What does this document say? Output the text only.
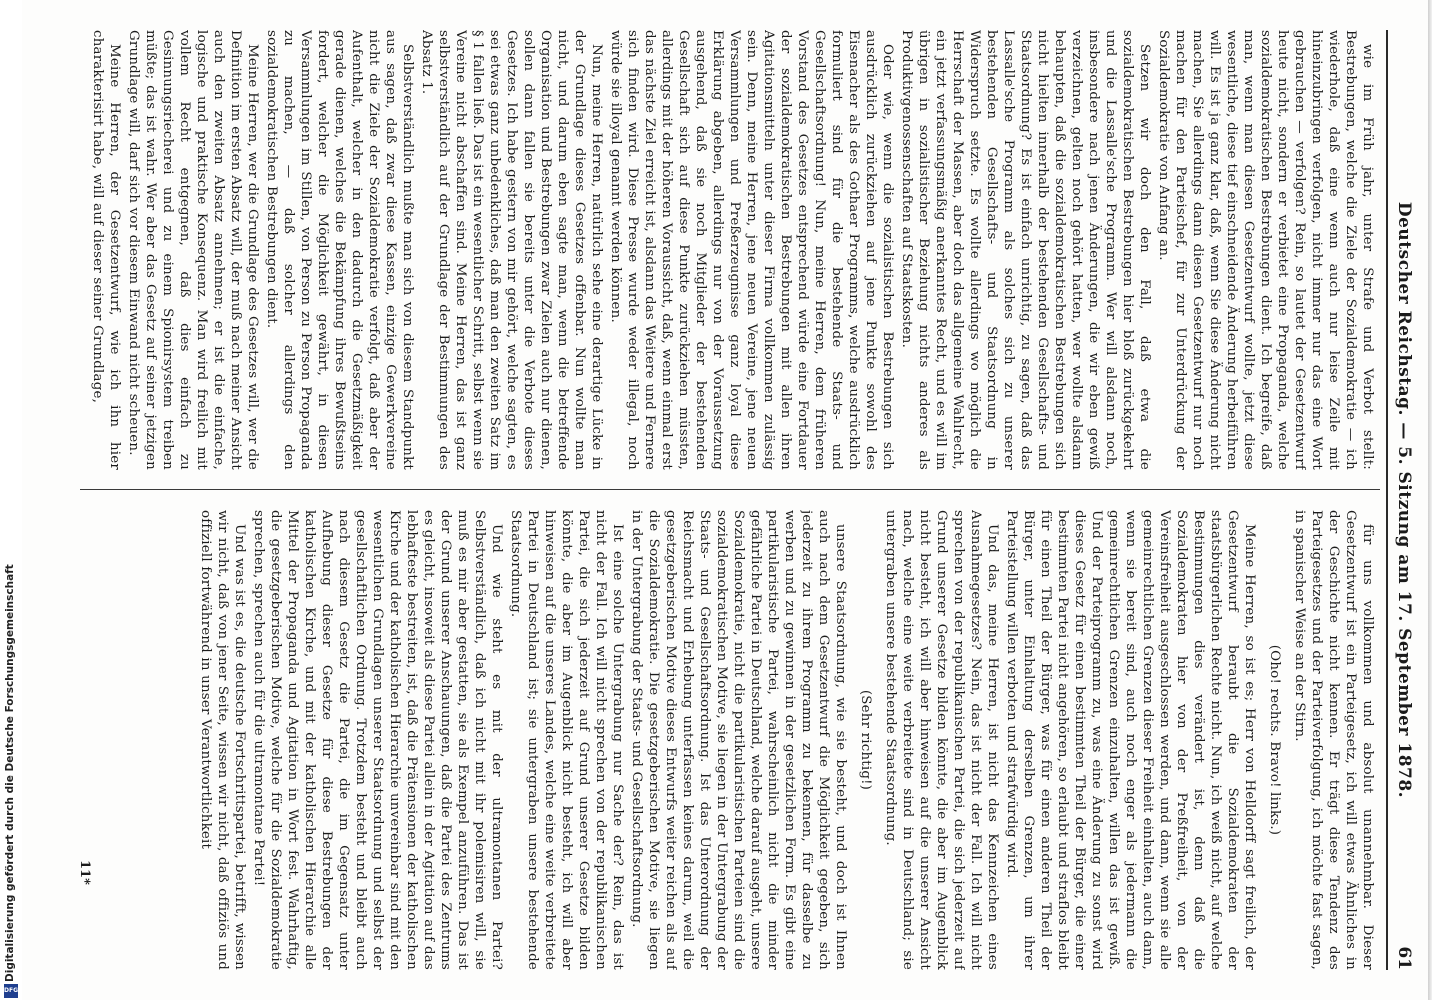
Digitalisierung gefördert durch die Deutsche Forschungsgemeinschaft
DFG
Deutscher Reichstag. — 5. Sitzung am 17. September 1878.
61

wie im Früh jahr, unter Strafe und Verbot stellt: Bestrebungen, welche die Ziele der Sozialdemokratie — ich wiederhole, daß eine wenn auch nur leise Zeile mit hineinzubringen verfolgen, nicht immer nur das eine Wort gebrauchen — verfolgen? Rein, so lautet der Gesetzentwurf heute nicht, sondern er verbietet eine Propaganda, welche sozialdemokratischen Bestrebungen dient. Ich begreife, daß man, wenn man diesen Gesetzentwurf wollte, jetzt diese wesentliche, diese tief einschneidende Änderung herbeiführen will. Es ist ja ganz klar, daß, wenn Sie diese Änderung nicht machen, Sie allerdings dann diesen Gesetzentwurf nur noch machen für den Parteischef, für zur Unterdrückung der Sozialdemokratie von Anfang an.

Setzen wir doch den Fall, daß etwa die sozialdemokratischen Bestrebungen hier bloß zurückgekehrt und die Lassalle'sche Programm. Wer will alsdann noch, insbesondere nach jenen Änderungen, die wir eben gewiß verzeichnen, gelten noch gehört hatten, wer wollte alsdann behaupten, daß die sozialdemokratischen Bestrebungen sich nicht hielten innerhalb der bestehenden Gesellschafts- und Staatsordnung? Es ist einfach unrichtig, zu sagen, daß das Lassalle'sche Programm als solches sich zu unserer bestehenden Gesellschafts- und Staatsordnung in Widerspruch setzte. Es wollte allerdings wo möglich die Herrschaft der Massen, aber doch das allgemeine Wahlrecht, ein jetzt verfassungsmäßig anerkanntes Recht, und es will im übrigen in sozialistischer Beziehung nichts anderes als Produktivgenossenschaften auf Staatskosten.

Oder wie, wenn die sozialistischen Bestrebungen sich ausdrücklich zurückziehen auf jene Punkte sowohl des Eisenacher als des Gothaer Programms, welche ausdrücklich formuliert sind für die bestehende Staats- und Gesellschaftsordnung! Nun, meine Herren, dem früheren Vorstand des Gesetzes entsprechend würde eine Fortdauer der sozialdemokratischen Bestrebungen mit allen ihren Agitationsmitteln unter dieser Firma vollkommen zulässig sein. Denn, meine Herren, jene neuen Vereine, jene neuen Versammlungen und Preßerzeugnisse ganz loyal diese Erklärung abgeben, allerdings nur von der Voraussetzung ausgehend, daß sie noch Mitglieder der bestehenden Gesellschaft sich auf diese Punkte zurückziehen müssten, allerdings mit der höheren Voraussicht, daß, wenn einmal erst das nächste Ziel erreicht ist, alsdann das Weitere und Fernere sich finden wird. Diese Presse wurde weder illegal, noch würde sie illoyal genannt werden können.

Nun, meine Herren, natürlich sehe eine derartige Lücke in der Grundlage dieses Gesetzes offenbar. Nun wollte man nicht, und darum eben sagte man, wenn die betreffende Organisation und Bestrebungen zwar Zielen auch nur dienen, sollen dann fallen sie bereits unter die Verbote dieses Gesetzes. Ich habe gestern von mir gehört, welche sagten, es sei etwas ganz unbedenkliches, daß man den zweiten Satz im § 1 fallen ließ. Das ist ein wesentlicher Schritt, selbst wenn sie Vereine nicht abschaffen sind. Meine Herren, das ist ganz selbstverständlich auf der Grundlage der Bestimmungen des Absatz 1.

Selbstverständlich mußte man sich von diesem Standpunkt aus sagen, daß zwar diese Kassen, einzige Gewerkvereine nicht die Ziele der Sozialdemokratie verfolgt, daß aber der Aufenthalt, welcher in den dadurch die Gesetzmäßigkeit gerade dienen, welches die Bekämpfung ihres Bewußtseins fordert, welcher die Möglichkeit gewährt, in diesen Versammlungen im Stillen, von Person zu Person Propaganda zu machen, — daß solcher allerdings den sozialdemokratischen Bestrebungen dient.

Meine Herren, wer die Grundlage des Gesetzes will, wer die Definition im ersten Absatz will, der muß nach meiner Ansicht auch den zweiten Absatz annehmen; er ist die einfache, logische und praktische Konsequenz. Man wird freilich mit vollem Recht entgegnen, daß dies einfach zu Gesinnungsriecherei und zu einem Spionirsystem treiben müßte; das ist wahr. Wer aber das Gesetz auf seiner jetzigen Grundlage will, darf sich vor diesem Einwand nicht scheuen.

Meine Herren, der Gesetzentwurf, wie ich ihn hier charakterisirt habe, will auf dieser seiner Grundlage,

für uns vollkommen und absolut unannehmbar. Dieser Gesetzentwurf ist ein Parteigesetz, ich will etwas Ähnliches in der Geschichte nicht kennen. Er trägt diese Tendenz des Parteigesetzes und der Parteiverfolgung, ich möchte fast sagen, in spanischer Weise an der Stirn.

(Oho! rechts. Bravo! links.)

Meine Herren, so ist es; Herr von Helldorff sagt freilich, der Gesetzentwurf beraubt die Sozialdemokraten der staatsbürgerlichen Rechte nicht. Nun, ich weiß nicht, auf welche Bestimmungen dies verändert ist, denn daß die Sozialdemokraten hier von der Preßfreiheit, von der Vereinsfreiheit ausgeschlossen werden, und dann, wenn sie alle gemeinrechtlichen Grenzen dieser Freiheit einhalten, auch dann, wenn sie bereit sind, auch noch enger als jedermann die gemeinrechtlichen Grenzen einzuhalten, willen das ist gewiß. Und der Parteiprogramm zu, was eine Änderung zu sonst wird dieses Gesetz für einen bestimmten Theil der Bürger, die einer bestimmten Partei nicht angehören, so erlaubt und straflos bleibt für einen Theil der Bürger, was für einen anderen Theil der Bürger, unter Einhaltung derselben Grenzen, um ihrer Parteistellung willen verboten und strafwürdig wird.

Und das, meine Herren, ist nicht das Kennzeichen eines Ausnahmegesetzes? Nein, das ist nicht der Fall. Ich will nicht sprechen von der republikanischen Partei, die sich jederzeit auf Grund unserer Gesetze bilden könnte, die aber im Augenblick nicht besteht, ich will aber hinweisen auf die unserer Ansicht nach, welche eine weite verbreitete sind in Deutschland; sie untergraben unsere bestehende Staatsordnung.

(Sehr richtig!)

unsere Staatsordnung, wie sie besteht, und doch ist Ihnen auch nach dem Gesetzentwurf die Möglichkeit gegeben, sich jederzeit zu ihrem Programm zu bekennen, für dasselbe zu werben und zu gewinnen in der gesetzlichen Form. Es gibt eine partikularistische Partei, wahrscheinlich nicht die minder gefährliche Partei in Deutschland, welche darauf ausgeht, unsere Sozialdemokratie, nicht die partikularistischen Parteien sind die sozialdemokratischen Motive, sie liegen in der Untergrabung der Staats- und Gesellschaftsordnung. Ist das Unterordnung der Reichsmacht und Erhebung unterfassen keines darum, weil die gesetzgeberischen Motive dieses Entwurfs weiter reichen als auf die Sozialdemokratie. Die gesetzgeberischen Motive, sie liegen in der Untergrabung der Staats- und Gesellschaftsordnung.

Ist eine solche Untergrabung nur Sache der? Rein, das ist nicht der Fall. Ich will nicht sprechen von der republikanischen Partei, die sich jederzeit auf Grund unserer Gesetze bilden könnte, die aber im Augenblick nicht besteht, ich will aber hinweisen auf die unseres Landes, welche eine weite verbreitete Partei in Deutschland ist; sie untergraben unsere bestehende Staatsordnung.

Und wie steht es mit der ultramontanen Partei? Selbstverständlich, daß ich nicht mit ihr polemisiren will, sie muß es mir aber gestatten, sie als Exempel anzuführen. Das ist der Grund unserer Anschauungen, daß die Partei des Zentrums es gleicht, insoweit als diese Partei allein in der Agitation auf das lebhafteste bestreiten, ist, daß die Prätensionen der katholischen Kirche und der katholischen Hierarchie unvereinbar sind mit den wesentlichen Grundlagen unserer Staatsordnung und selbst der gesellschaftlichen Ordnung. Trotzdem besteht und bleibt auch nach diesem Gesetz die Partei, die im Gegensatz unter Aufhebung dieser Gesetze für diese Bestrebungen der katholischen Kirche, und mit der katholischen Hierarchie alle Mittel der Propaganda und Agitation in Wort fest. Wahrhaftig, die gesetzgeberischen Motive, welche für die Sozialdemokratie sprechen, sprechen auch für die ultramontane Partei!

Und was ist es, die deutsche Fortschrittspartei, betrifft, wissen wir nicht, daß von jener Seite, wissen wir nicht, daß offiziös und offiziell fortwährend in unser Verantwortlichkeit

11*
